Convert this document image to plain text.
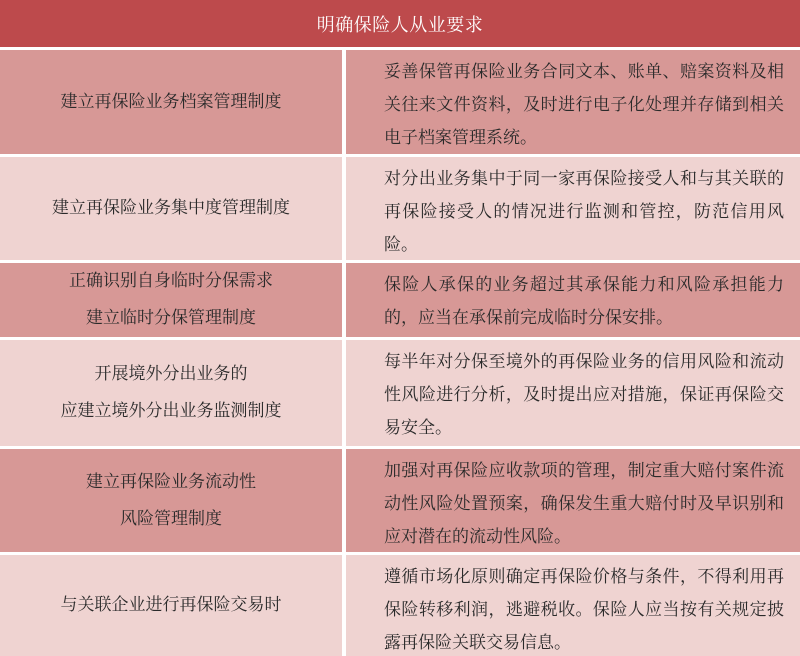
明确保险人从业要求
建立再保险业务档案管理制度
妥善保管再保险业务合同文本、账单、赔案资料及相关往来文件资料，及时进行电子化处理并存储到相关电子档案管理系统。
建立再保险业务集中度管理制度
对分出业务集中于同一家再保险接受人和与其关联的再保险接受人的情况进行监测和管控，防范信用风险。
正确识别自身临时分保需求
建立临时分保管理制度
保险人承保的业务超过其承保能力和风险承担能力的，应当在承保前完成临时分保安排。
开展境外分出业务的
应建立境外分出业务监测制度
每半年对分保至境外的再保险业务的信用风险和流动性风险进行分析，及时提出应对措施，保证再保险交易安全。
建立再保险业务流动性
风险管理制度
加强对再保险应收款项的管理，制定重大赔付案件流动性风险处置预案，确保发生重大赔付时及早识别和应对潜在的流动性风险。
与关联企业进行再保险交易时
遵循市场化原则确定再保险价格与条件，不得利用再保险转移利润，逃避税收。保险人应当按有关规定披露再保险关联交易信息。
